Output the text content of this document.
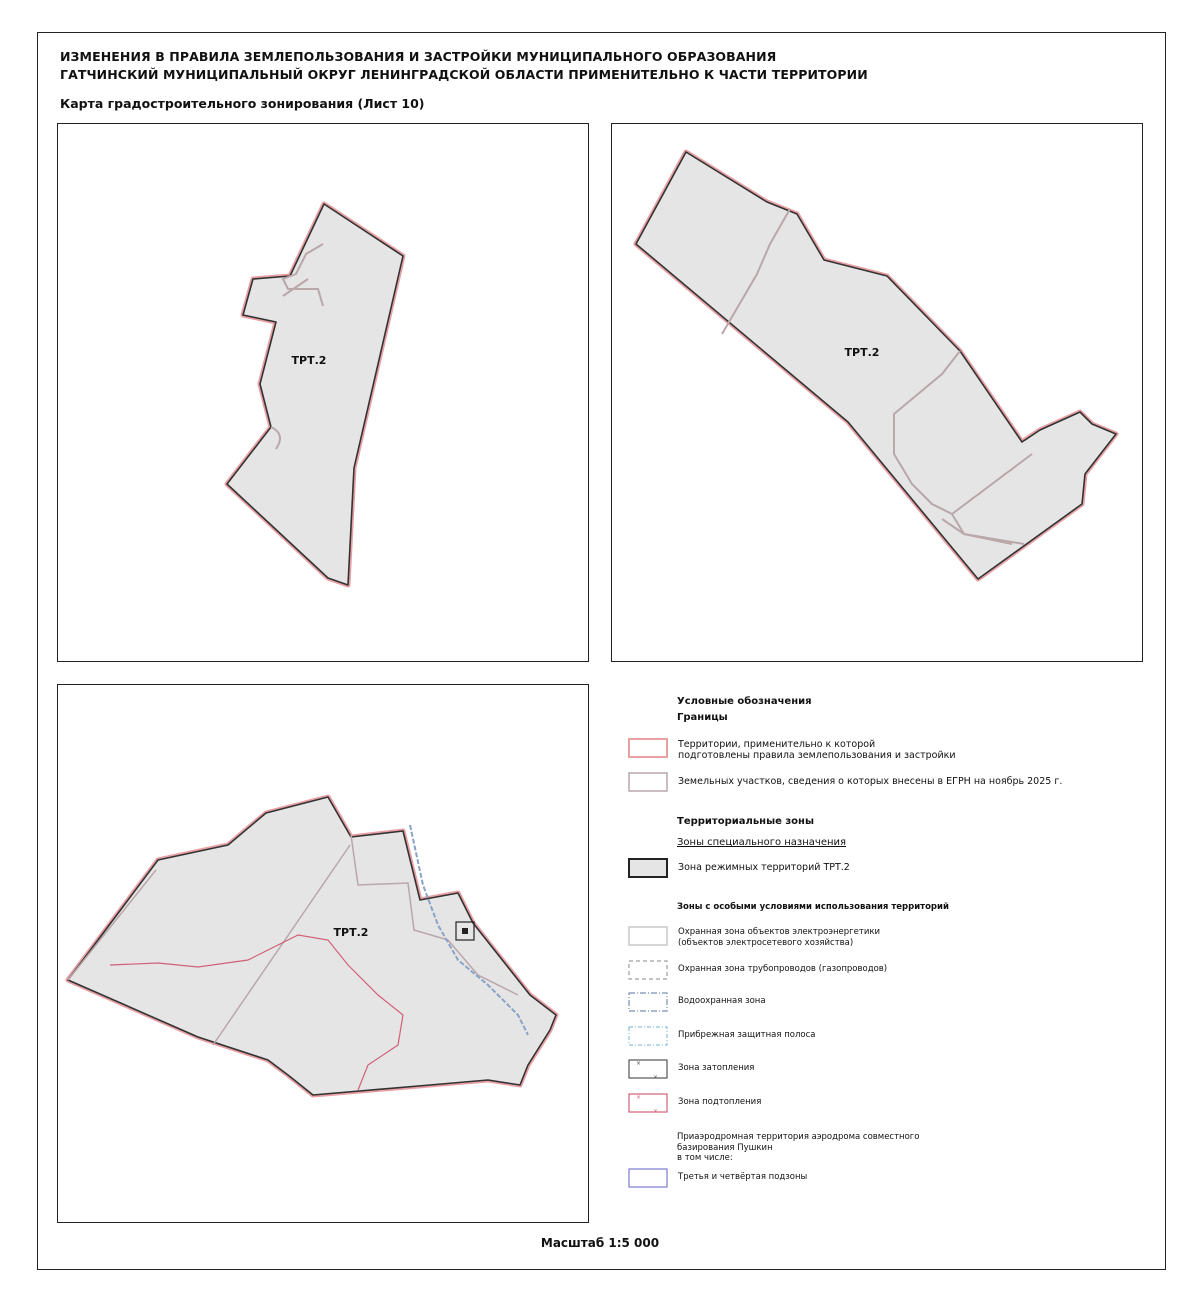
ИЗМЕНЕНИЯ В ПРАВИЛА ЗЕМЛЕПОЛЬЗОВАНИЯ И ЗАСТРОЙКИ МУНИЦИПАЛЬНОГО ОБРАЗОВАНИЯ
ГАТЧИНСКИЙ МУНИЦИПАЛЬНЫЙ ОКРУГ ЛЕНИНГРАДСКОЙ ОБЛАСТИ ПРИМЕНИТЕЛЬНО К ЧАСТИ ТЕРРИТОРИИ
Карта градостроительного зонирования (Лист 10)
ТРТ.2
ТРТ.2
ТРТ.2
Условные обозначения
Границы
Территории, применительно к которой
подготовлены правила землепользования и застройки
Земельных участков, сведения о которых внесены в ЕГРН на ноябрь 2025 г.
Территориальные зоны
Зоны специального назначения
Зона режимных территорий ТРТ.2
Зоны с особыми условиями использования территорий
Охранная зона объектов электроэнергетики
(объектов электросетевого хозяйства)
Охранная зона трубопроводов (газопроводов)
Водоохранная зона
Прибрежная защитная полоса
×
×
Зона затопления
×
×
Зона подтопления
Приаэродромная территория аэродрома совместного
базирования Пушкин
в том числе:
Третья и четвёртая подзоны
Масштаб 1:5 000
